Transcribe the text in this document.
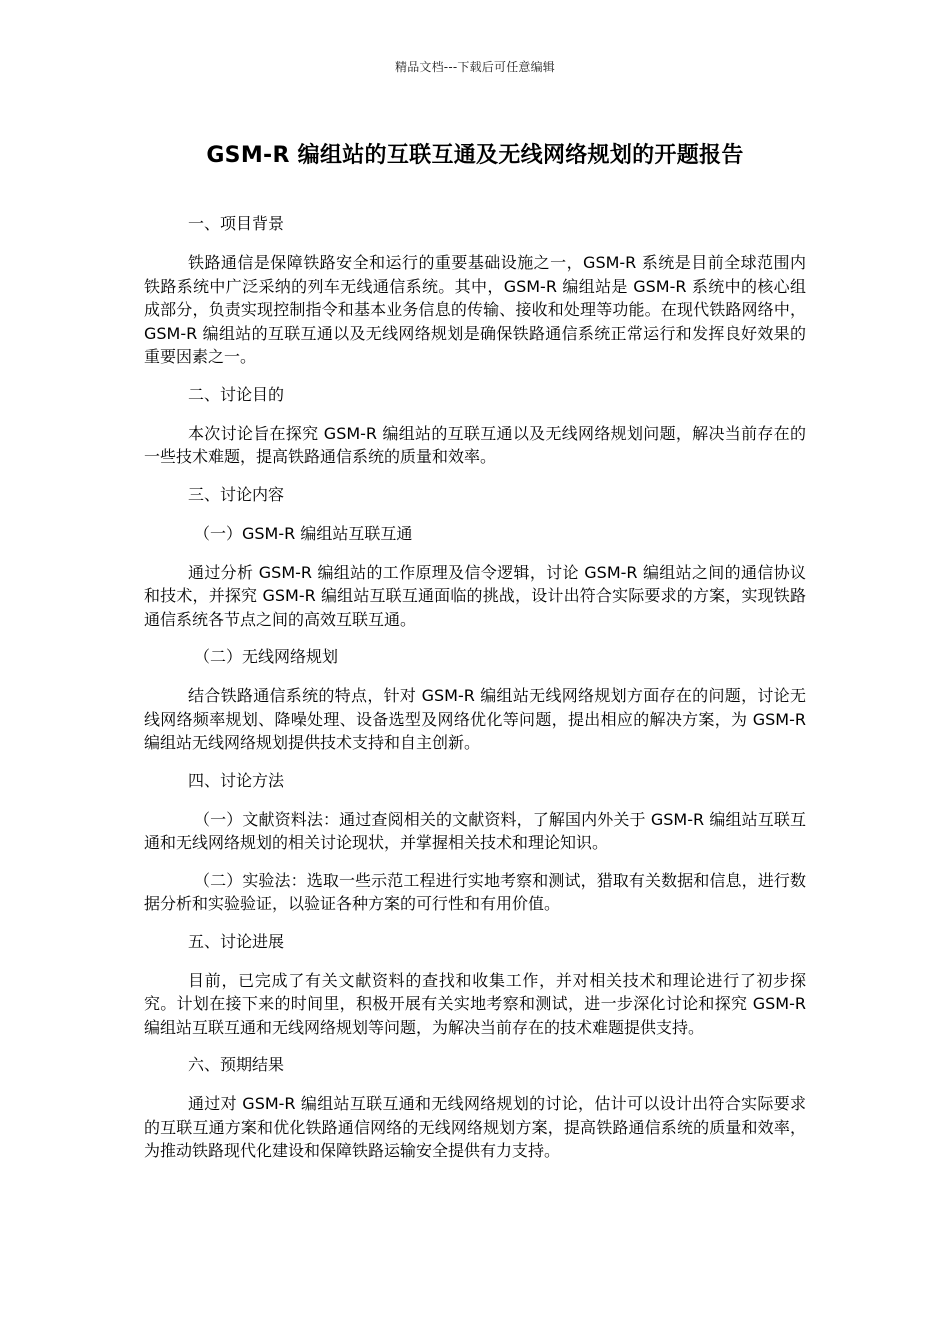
精品文档---下载后可任意编辑
GSM-R 编组站的互联互通及无线网络规划的开题报告
一、项目背景

铁路通信是保障铁路安全和运行的重要基础设施之一，GSM-R 系统是目前全球范围内铁路系统中广泛采纳的列车无线通信系统。其中，GSM-R 编组站是 GSM-R 系统中的核心组成部分，负责实现控制指令和基本业务信息的传输、接收和处理等功能。在现代铁路网络中，GSM-R 编组站的互联互通以及无线网络规划是确保铁路通信系统正常运行和发挥良好效果的重要因素之一。

二、讨论目的

本次讨论旨在探究 GSM-R 编组站的互联互通以及无线网络规划问题，解决当前存在的一些技术难题，提高铁路通信系统的质量和效率。

三、讨论内容
（一）GSM-R 编组站互联互通

通过分析 GSM-R 编组站的工作原理及信令逻辑，讨论 GSM-R 编组站之间的通信协议和技术，并探究 GSM-R 编组站互联互通面临的挑战，设计出符合实际要求的方案，实现铁路通信系统各节点之间的高效互联互通。

（二）无线网络规划

结合铁路通信系统的特点，针对 GSM-R 编组站无线网络规划方面存在的问题，讨论无线网络频率规划、降噪处理、设备选型及网络优化等问题，提出相应的解决方案，为 GSM-R 编组站无线网络规划提供技术支持和自主创新。

四、讨论方法

（一）文献资料法：通过查阅相关的文献资料，了解国内外关于 GSM-R 编组站互联互通和无线网络规划的相关讨论现状，并掌握相关技术和理论知识。

（二）实验法：选取一些示范工程进行实地考察和测试，猎取有关数据和信息，进行数据分析和实验验证，以验证各种方案的可行性和有用价值。

五、讨论进展

目前，已完成了有关文献资料的查找和收集工作，并对相关技术和理论进行了初步探究。计划在接下来的时间里，积极开展有关实地考察和测试，进一步深化讨论和探究 GSM-R 编组站互联互通和无线网络规划等问题，为解决当前存在的技术难题提供支持。

六、预期结果

通过对 GSM-R 编组站互联互通和无线网络规划的讨论，估计可以设计出符合实际要求的互联互通方案和优化铁路通信网络的无线网络规划方案，提高铁路通信系统的质量和效率，为推动铁路现代化建设和保障铁路运输安全提供有力支持。
